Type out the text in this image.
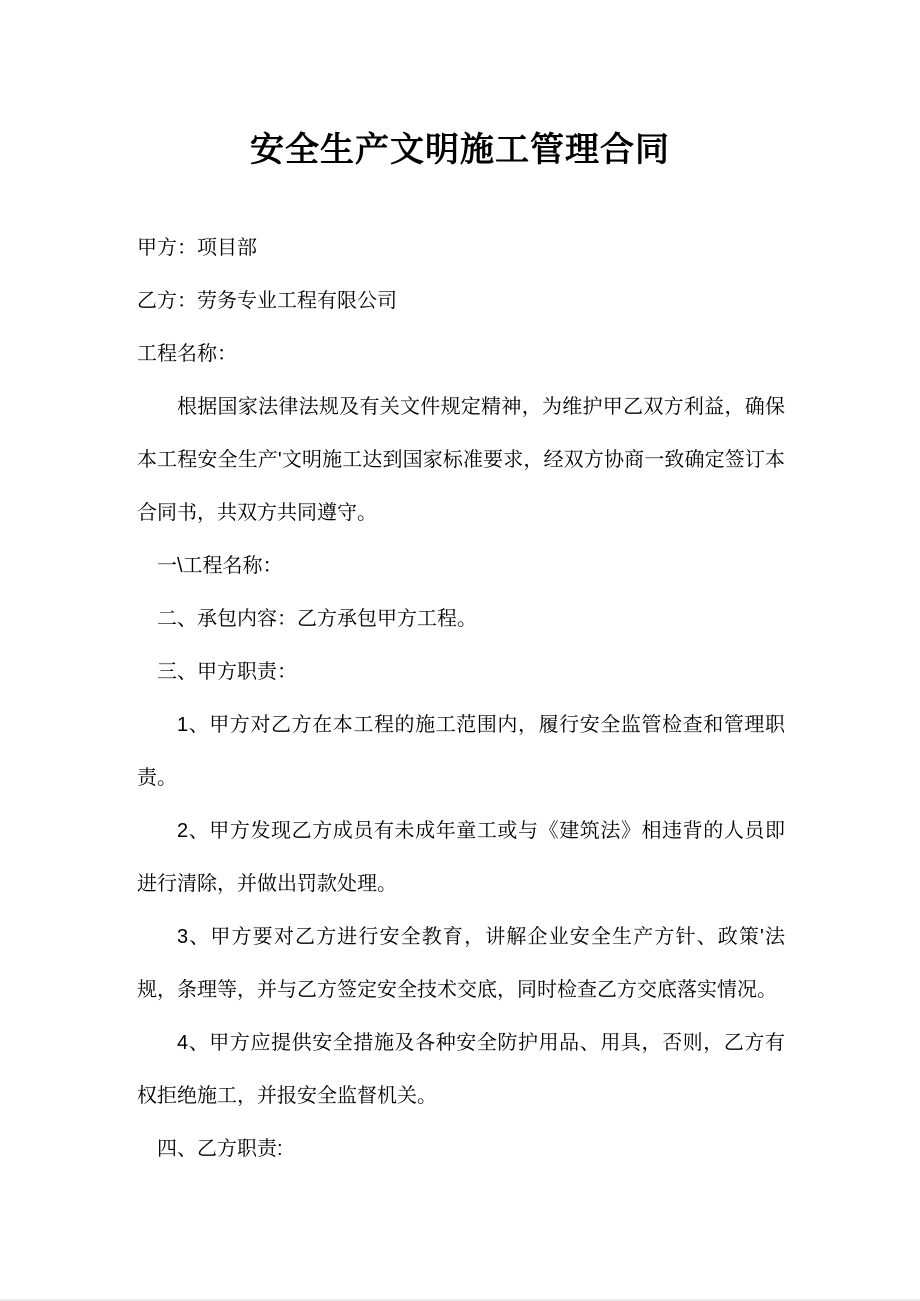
安全生产文明施工管理合同

甲方：项目部

乙方：劳务专业工程有限公司

工程名称：

根据国家法律法规及有关文件规定精神，为维护甲乙双方利益，确保本工程安全生产'文明施工达到国家标准要求，经双方协商一致确定签订本合同书，共双方共同遵守。

一\工程名称：

二、承包内容：乙方承包甲方工程。

三、甲方职责：

1、甲方对乙方在本工程的施工范围内，履行安全监管检查和管理职责。

2、甲方发现乙方成员有未成年童工或与《建筑法》相违背的人员即进行清除，并做出罚款处理。

3、甲方要对乙方进行安全教育，讲解企业安全生产方针、政策'法规，条理等，并与乙方签定安全技术交底，同时检查乙方交底落实情况。

4、甲方应提供安全措施及各种安全防护用品、用具，否则，乙方有权拒绝施工，并报安全监督机关。

四、乙方职责:
